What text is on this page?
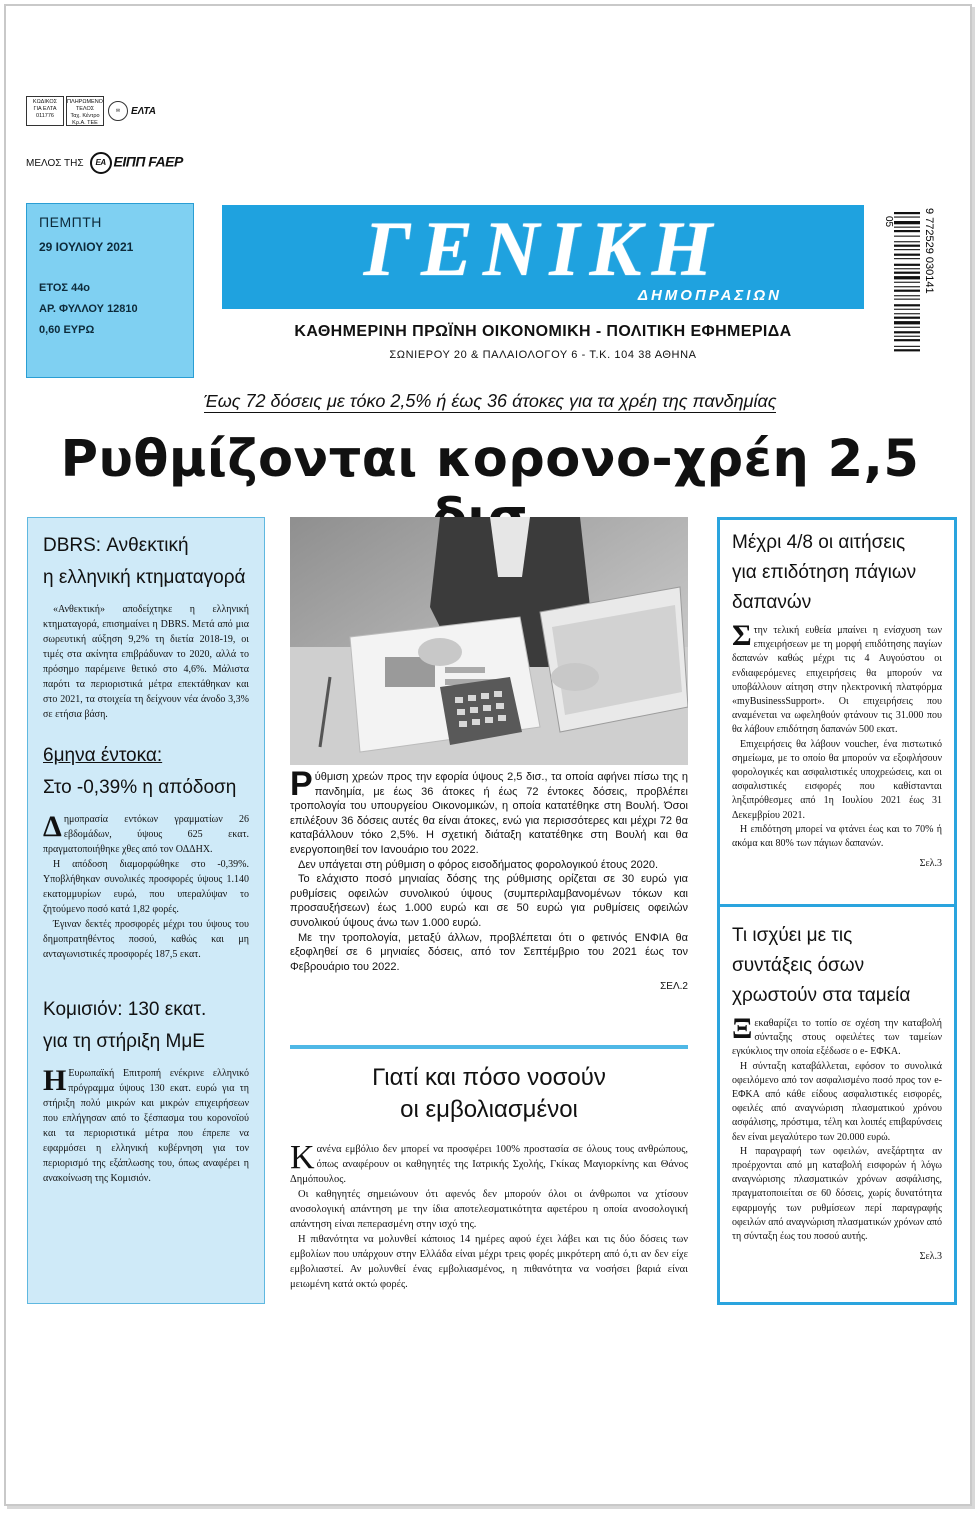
ΚΩΔΙΚΟΣ
ΓΙΑ ΕΛΤΑ
011776
ΠΛΗΡΩΜΕΝΟ
ΤΕΛΟΣ
Ταχ. Κέντρο
Κρ.Α. ΤΕΕ
✉	ΕΛΤΑ
ΜΕΛΟΣ ΤΗΣ	EA ΕΙΠΠ FAEP
ΠΕΜΠΤΗ
29 ΙΟΥΛΙΟΥ 2021
ΕΤΟΣ 44ο
ΑΡ. ΦΥΛΛΟΥ 12810
0,60 ΕΥΡΩ
ΓΕΝΙΚΗ
ΔΗΜΟΠΡΑΣΙΩΝ
ΚΑΘΗΜΕΡΙΝΗ ΠΡΩΪΝΗ ΟΙΚΟΝΟΜΙΚΗ - ΠΟΛΙΤΙΚΗ ΕΦΗΜΕΡΙΔΑ
ΣΩΝΙΕΡΟΥ 20 & ΠΑΛΑΙΟΛΟΓΟΥ 6 - Τ.Κ. 104 38 ΑΘΗΝΑ
05	9 772529 030141
Έως 72 δόσεις με τόκο 2,5% ή έως 36 άτοκες για τα χρέη της πανδημίας
Ρυθμίζονται κορονο-χρέη 2,5
DBRS: Ανθεκτική
η ελληνική κτηματαγορά

«Ανθεκτική» αποδείχτηκε η ελληνική κτηματαγορά, επισημαίνει η DBRS. Μετά από μια σωρευτική αύξηση 9,2% τη διετία 2018-19, οι τιμές στα ακίνητα επιβράδυναν το 2020, αλλά το πρόσημο παρέμεινε θετικό στο 4,6%. Μάλιστα παρότι τα περιοριστικά μέτρα επεκτάθηκαν και στο 2021, τα στοιχεία τη δείχνουν νέα άνοδο 3,3% σε ετήσια βάση.

6μηνα έντοκα:
Στο -0,39% η απόδοση
Δ ημοπρασία εντόκων γραμματίων 26 εβδομάδων, ύψους 625 εκατ. πραγματοποιήθηκε χθες από τον ΟΔΔΗΧ.

Η απόδοση διαμορφώθηκε στο -0,39%. Υποβλήθηκαν συνολικές προσφορές ύψους 1.140 εκατομμυρίων ευρώ, που υπεραλύψαν το ζητούμενο ποσό κατά 1,82 φορές.

Έγιναν δεκτές προσφορές μέχρι του ύψους του δημοπρατηθέντος ποσού, καθώς και μη ανταγωνιστικές προσφορές 187,5 εκατ.

Κομισιόν: 130 εκατ.
για τη στήριξη ΜμΕ
Η Ευρωπαϊκή Επιτροπή ενέκρινε ελληνικό πρόγραμμα ύψους 130 εκατ. ευρώ για τη στήριξη πολύ μικρών και μικρών επιχειρήσεων που επλήγησαν από το ξέσπασμα του κορονοϊού και τα περιοριστικά μέτρα που έπρεπε να εφαρμόσει η ελληνική κυβέρνηση για τον περιορισμό της εξάπλωσης του, όπως αναφέρει η ανακοίνωση της Κομισιόν.

Ρ ύθμιση χρεών προς την εφορία ύψους 2,5 δισ., τα οποία αφήνει πίσω της η πανδημία, με έως 36 άτοκες ή έως 72 έντοκες δόσεις, προβλέπει τροπολογία του υπουργείου Οικονομικών, η οποία κατατέθηκε στη Βουλή. Όσοι επιλέξουν 36 δόσεις αυτές θα είναι άτοκες, ενώ για περισσότερες και μέχρι 72 θα καταβάλλουν τόκο 2,5%. Η σχετική διάταξη κατατέθηκε στη Βουλή και θα ενεργοποιηθεί τον Ιανουάριο του 2022.

Δεν υπάγεται στη ρύθμιση ο φόρος εισοδήματος φορολογικού έτους 2020.

Το ελάχιστο ποσό μηνιαίας δόσης της ρύθμισης ορίζεται σε 30 ευρώ για ρυθμίσεις οφειλών συνολικού ύψους (συμπεριλαμβανομένων τόκων και προσαυξήσεων) έως 1.000 ευρώ και σε 50 ευρώ για ρυθμίσεις οφειλών συνολικού ύψους άνω των 1.000 ευρώ.

Με την τροπολογία, μεταξύ άλλων, προβλέπεται ότι ο φετινός ΕΝΦΙΑ θα εξοφληθεί σε 6 μηνιαίες δόσεις, από τον Σεπτέμβριο του 2021 έως τον Φεβρουάριο του 2022.

ΣΕΛ.2
Γιατί και πόσο νοσούν
οι εμβολιασμένοι
Κ ανένα εμβόλιο δεν μπορεί να προσφέρει 100% προστασία σε όλους τους ανθρώπους, όπως αναφέρουν οι καθηγητές της Ιατρικής Σχολής, Γκίκας Μαγιορκίνης και Θάνος Δημόπουλος.

Οι καθηγητές σημειώνουν ότι αφενός δεν μπορούν όλοι οι άνθρωποι να χτίσουν ανοσολογική απάντηση με την ίδια αποτελεσματικότητα αφετέρου η οποία ανοσολογική απάντηση είναι πεπερασμένη στην ισχύ της.

Η πιθανότητα να μολυνθεί κάποιος 14 ημέρες αφού έχει λάβει και τις δύο δόσεις των εμβολίων που υπάρχουν στην Ελλάδα είναι μέχρι τρεις φορές μικρότερη από ό,τι αν δεν είχε εμβολιαστεί. Αν μολυνθεί ένας εμβολιασμένος, η πιθανότητα να νοσήσει βαριά είναι μειωμένη κατά οκτώ φορές.

Μέχρι 4/8 οι αιτήσεις
για επιδότηση πάγιων
δαπανών
Σ την τελική ευθεία μπαίνει η ενίσχυση των επιχειρήσεων με τη μορφή επιδότησης παγίων δαπανών καθώς μέχρι τις 4 Αυγούστου οι ενδιαφερόμενες επιχειρήσεις θα μπορούν να υποβάλλουν αίτηση στην ηλεκτρονική πλατφόρμα «myBusinessSupport». Οι επιχειρήσεις που αναμένεται να ωφεληθούν φτάνουν τις 31.000 που θα λάβουν επιδότηση δαπανών 500 εκατ.

Επιχειρήσεις θα λάβουν voucher, ένα πιστωτικό σημείωμα, με το οποίο θα μπορούν να εξοφλήσουν φορολογικές και ασφαλιστικές υποχρεώσεις, και οι ασφαλιστικές εισφορές που καθίστανται ληξιπρόθεσμες από 1η Ιουλίου 2021 έως 31 Δεκεμβρίου 2021.

Η επιδότηση μπορεί να φτάνει έως και το 70% ή ακόμα και 80% των πάγιων δαπανών.

Σελ.3
Τι ισχύει με τις
συντάξεις όσων
χρωστούν στα ταμεία
Ξ εκαθαρίζει το τοπίο σε σχέση την καταβολή σύνταξης στους οφειλέτες των ταμείων εγκύκλιος την οποία εξέδωσε ο e- ΕΦΚΑ.

Η σύνταξη καταβάλλεται, εφόσον το συνολικά οφειλόμενο από τον ασφαλισμένο ποσό προς τον e-ΕΦΚΑ από κάθε είδους ασφαλιστικές εισφορές, οφειλές από αναγνώριση πλασματικού χρόνου ασφάλισης, πρόστιμα, τέλη και λοιπές επιβαρύνσεις δεν είναι μεγαλύτερο των 20.000 ευρώ.

Η παραγραφή των οφειλών, ανεξάρτητα αν προέρχονται από μη καταβολή εισφορών ή λόγω αναγνώρισης πλασματικών χρόνων ασφάλισης, πραγματοποιείται σε 60 δόσεις, χωρίς δυνατότητα εφαρμογής των ρυθμίσεων περί παραγραφής οφειλών από αναγνώριση πλασματικών χρόνων από τη σύνταξη έως του ποσού αυτής.

Σελ.3
